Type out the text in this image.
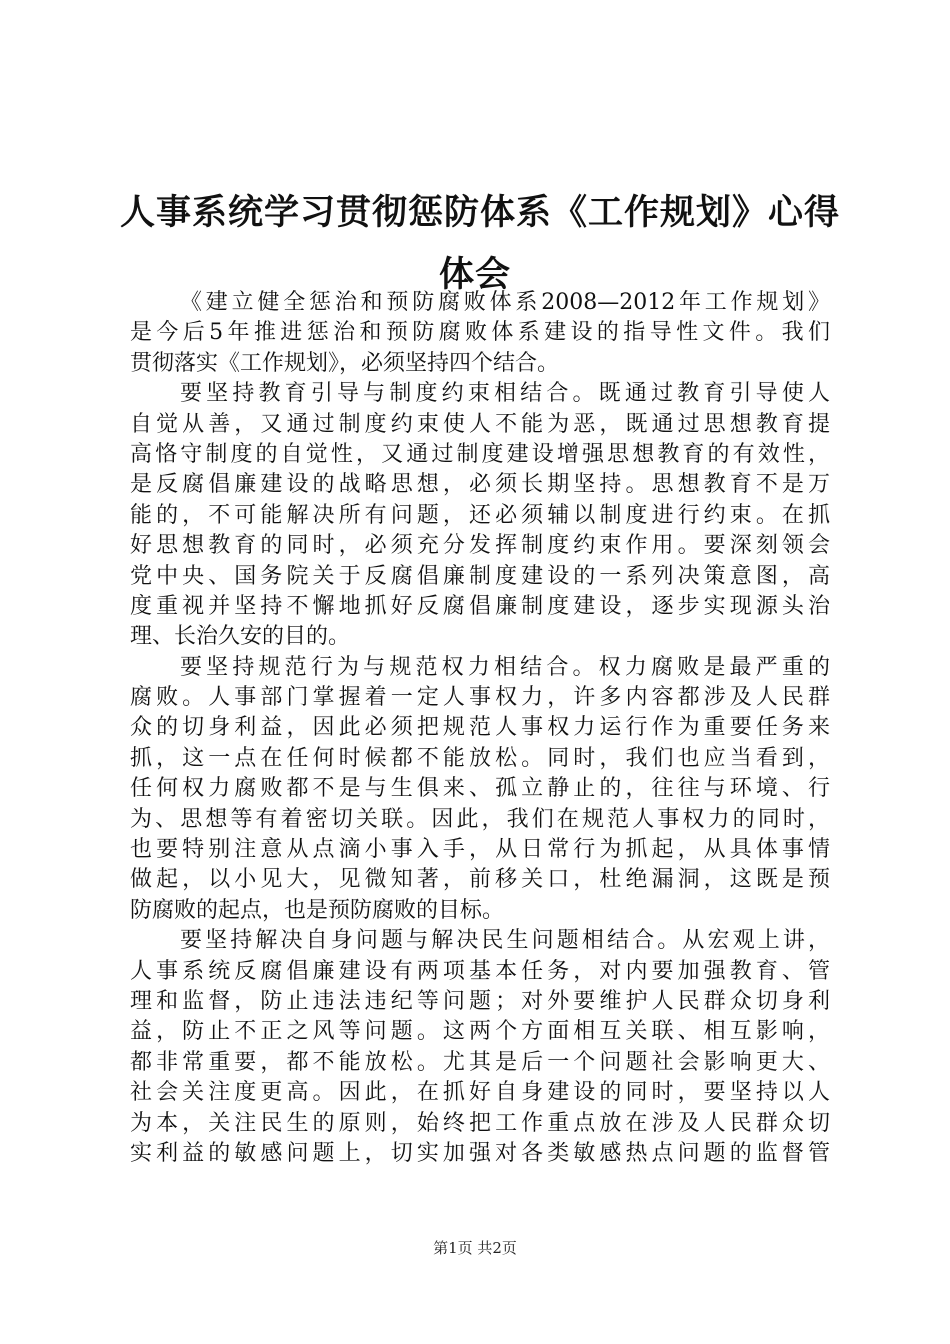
人事系统学习贯彻惩防体系《工作规划》心得
体会
《建立健全惩治和预防腐败体系2008—2012年工作规划》
是今后5年推进惩治和预防腐败体系建设的指导性文件。我们
贯彻落实《工作规划》，必须坚持四个结合。
要坚持教育引导与制度约束相结合。既通过教育引导使人
自觉从善，又通过制度约束使人不能为恶，既通过思想教育提
高恪守制度的自觉性，又通过制度建设增强思想教育的有效性，
是反腐倡廉建设的战略思想，必须长期坚持。思想教育不是万
能的，不可能解决所有问题，还必须辅以制度进行约束。在抓
好思想教育的同时，必须充分发挥制度约束作用。要深刻领会
党中央、国务院关于反腐倡廉制度建设的一系列决策意图，高
度重视并坚持不懈地抓好反腐倡廉制度建设，逐步实现源头治
理、长治久安的目的。
要坚持规范行为与规范权力相结合。权力腐败是最严重的
腐败。人事部门掌握着一定人事权力，许多内容都涉及人民群
众的切身利益，因此必须把规范人事权力运行作为重要任务来
抓，这一点在任何时候都不能放松。同时，我们也应当看到，
任何权力腐败都不是与生俱来、孤立静止的，往往与环境、行
为、思想等有着密切关联。因此，我们在规范人事权力的同时，
也要特别注意从点滴小事入手，从日常行为抓起，从具体事情
做起，以小见大，见微知著，前移关口，杜绝漏洞，这既是预
防腐败的起点，也是预防腐败的目标。
要坚持解决自身问题与解决民生问题相结合。从宏观上讲，
人事系统反腐倡廉建设有两项基本任务，对内要加强教育、管
理和监督，防止违法违纪等问题；对外要维护人民群众切身利
益，防止不正之风等问题。这两个方面相互关联、相互影响，
都非常重要，都不能放松。尤其是后一个问题社会影响更大、
社会关注度更高。因此，在抓好自身建设的同时，要坚持以人
为本，关注民生的原则，始终把工作重点放在涉及人民群众切
实利益的敏感问题上，切实加强对各类敏感热点问题的监督管
第1页 共2页
